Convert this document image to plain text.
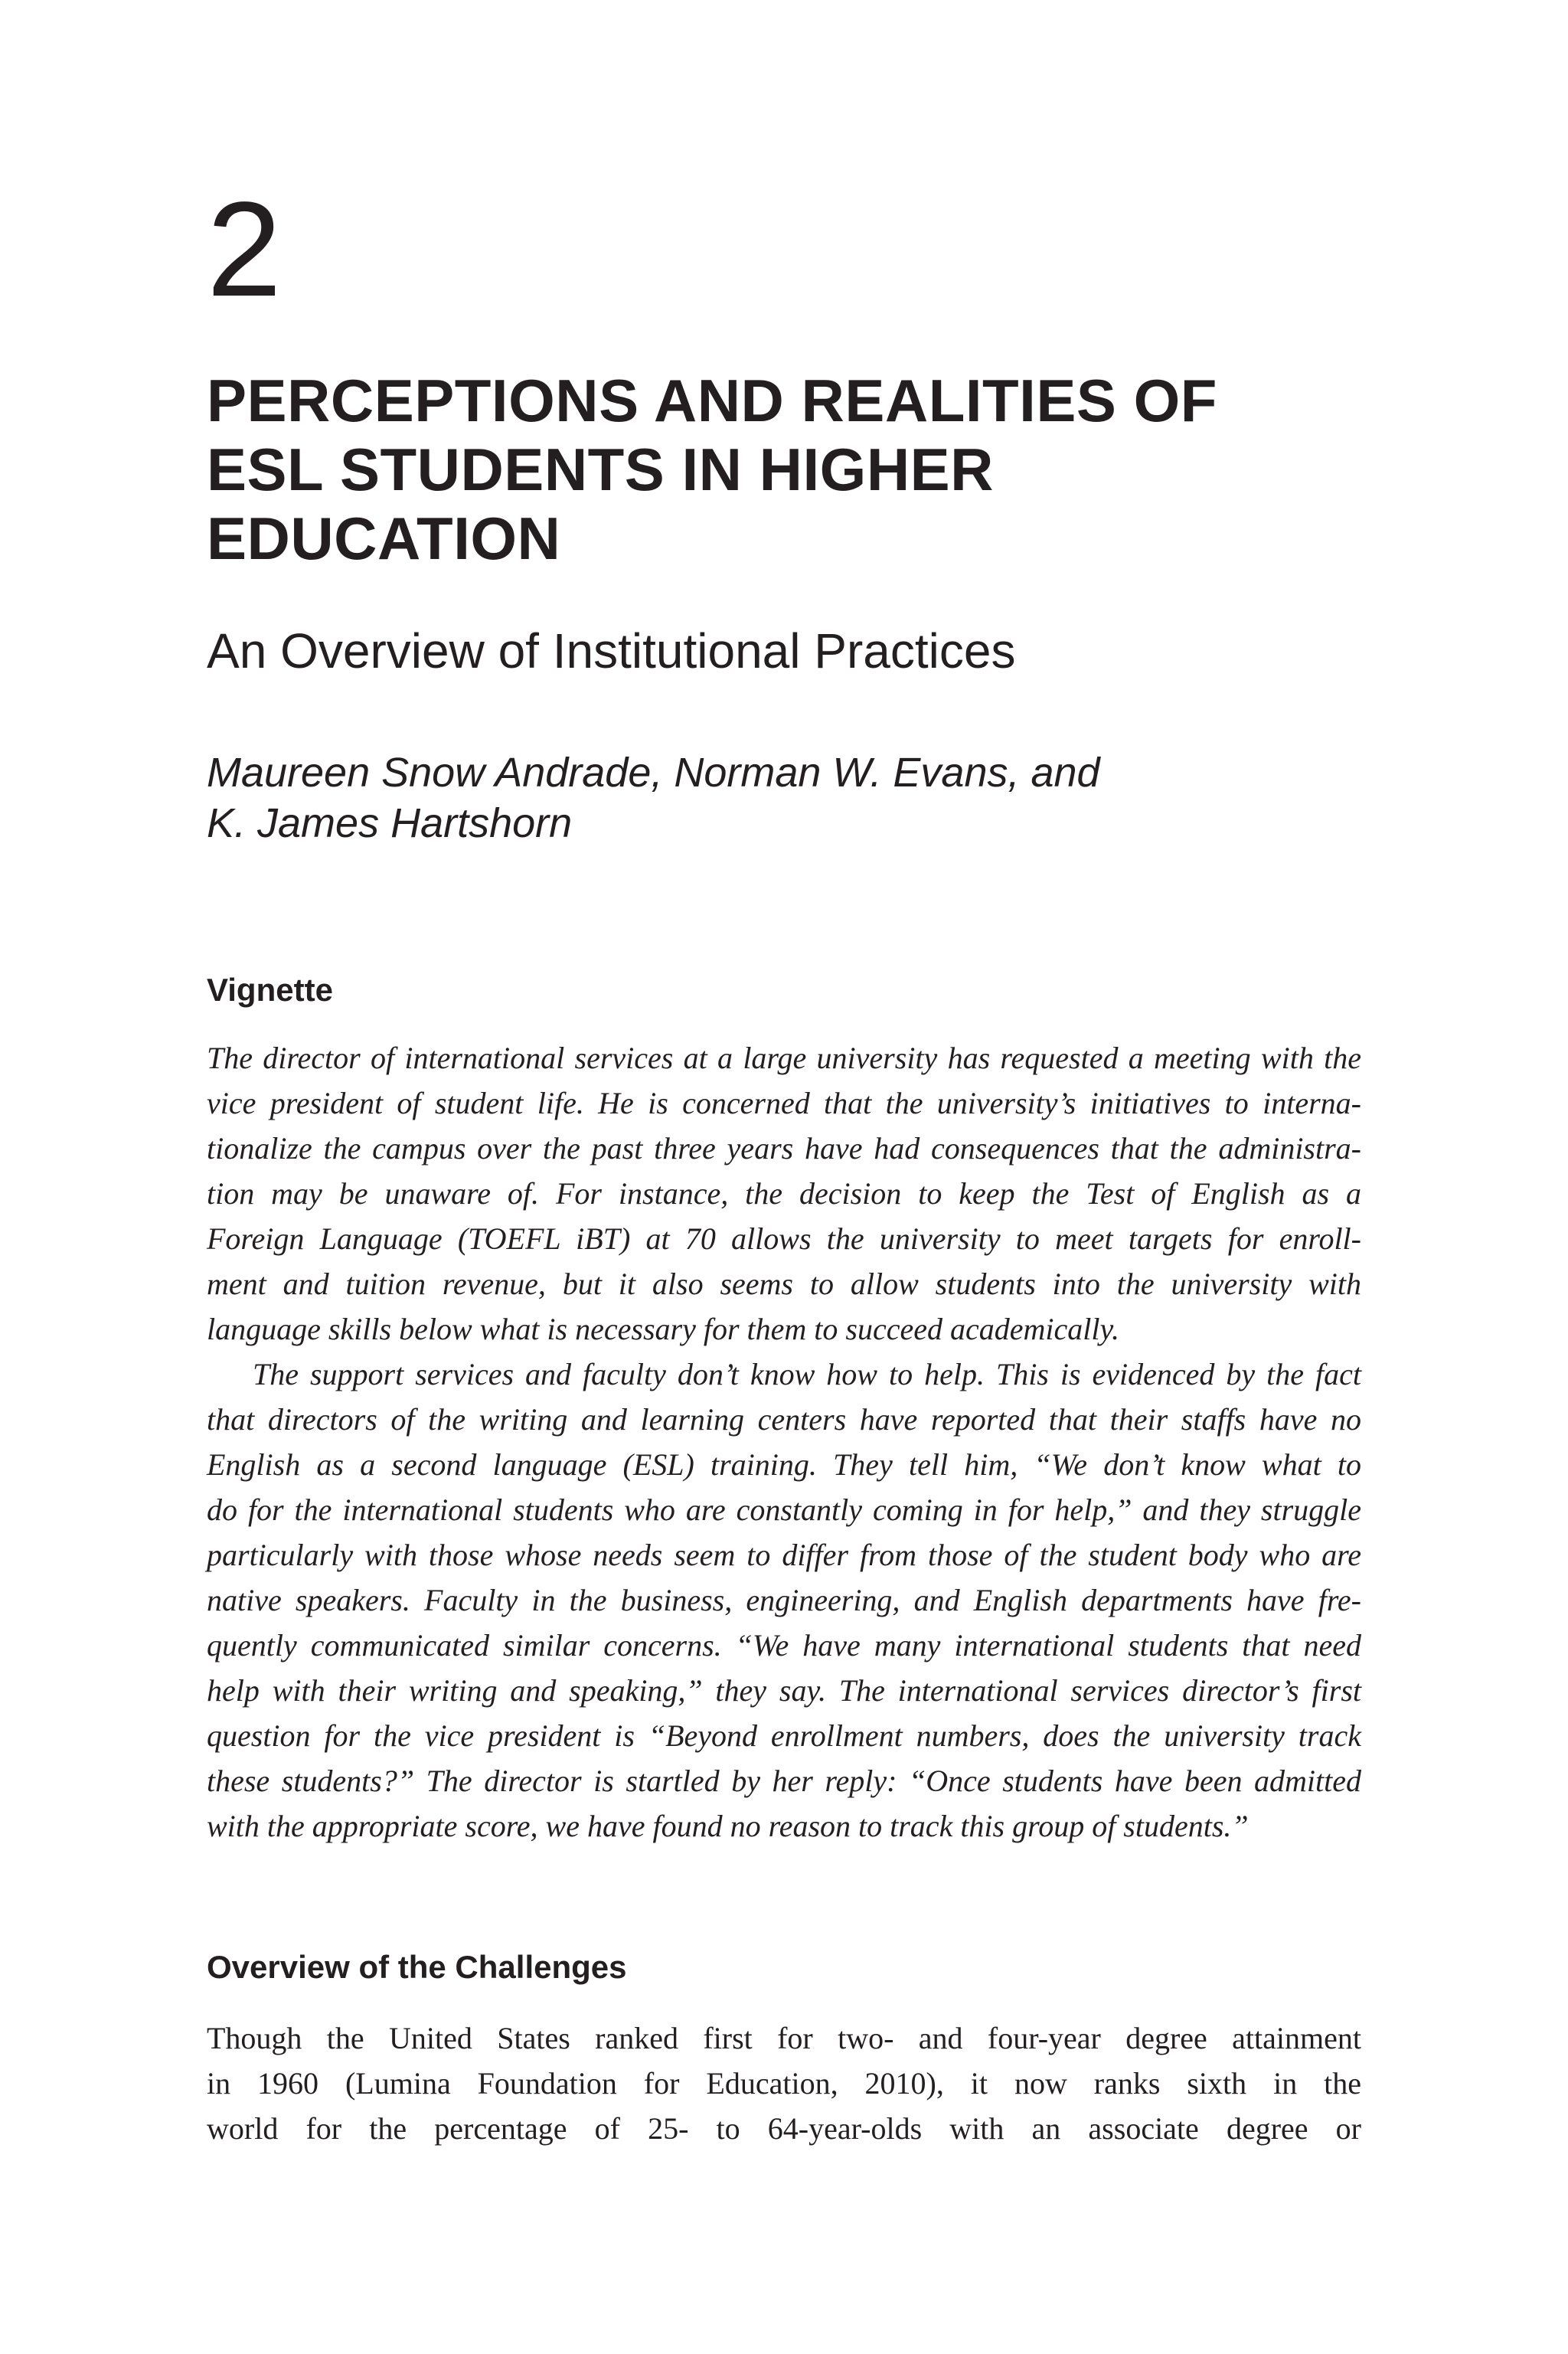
2
PERCEPTIONS AND REALITIES OF
ESL STUDENTS IN HIGHER
EDUCATION
An Overview of Institutional Practices
Maureen Snow Andrade, Norman W. Evans, and
K. James Hartshorn
Vignette
The director of international services at a large university has requested a meeting with the
vice president of student life. He is concerned that the university’s initiatives to interna-
tionalize the campus over the past three years have had consequences that the administra-
tion may be unaware of. For instance, the decision to keep the Test of English as a
Foreign Language (TOEFL iBT) at 70 allows the university to meet targets for enroll-
ment and tuition revenue, but it also seems to allow students into the university with
language skills below what is necessary for them to succeed academically.
The support services and faculty don’t know how to help. This is evidenced by the fact
that directors of the writing and learning centers have reported that their staffs have no
English as a second language (ESL) training. They tell him, “We don’t know what to
do for the international students who are constantly coming in for help,” and they struggle
particularly with those whose needs seem to differ from those of the student body who are
native speakers. Faculty in the business, engineering, and English departments have fre-
quently communicated similar concerns. “We have many international students that need
help with their writing and speaking,” they say. The international services director’s first
question for the vice president is “Beyond enrollment numbers, does the university track
these students?” The director is startled by her reply: “Once students have been admitted
with the appropriate score, we have found no reason to track this group of students.”
Overview of the Challenges
Though the United States ranked first for two- and four-year degree attainment
in 1960 (Lumina Foundation for Education, 2010), it now ranks sixth in the
world for the percentage of 25- to 64-year-olds with an associate degree or
